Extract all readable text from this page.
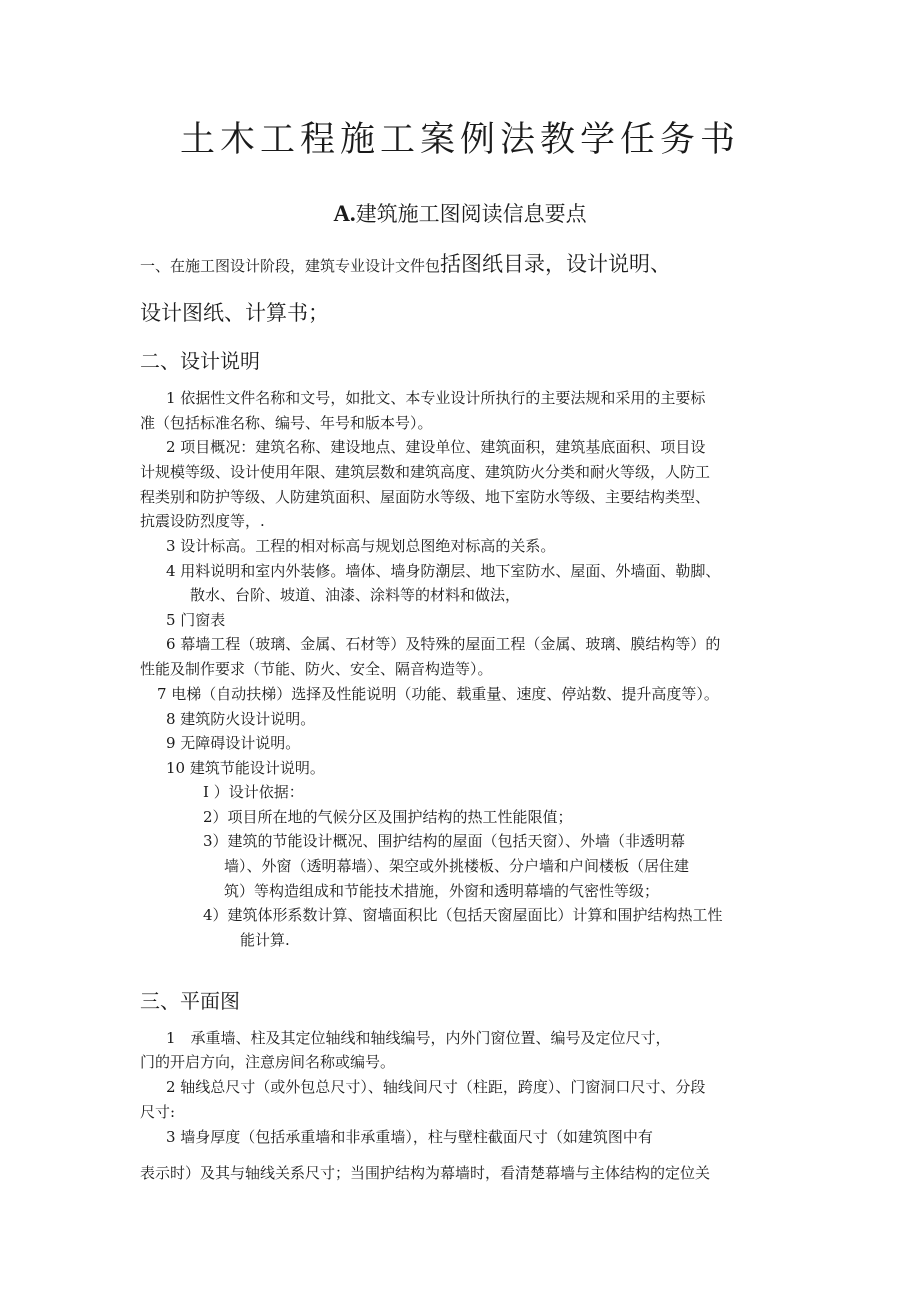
土木工程施工案例法教学任务书
A.建筑施工图阅读信息要点
一、在施工图设计阶段，建筑专业设计文件包括图纸目录，设计说明、
设计图纸、计算书；
二、设计说明
1 依据性文件名称和文号，如批文、本专业设计所执行的主要法规和采用的主要标
准（包括标准名称、编号、年号和版本号）。
2 项目概况：建筑名称、建设地点、建设单位、建筑面积，建筑基底面积、项目设
计规模等级、设计使用年限、建筑层数和建筑高度、建筑防火分类和耐火等级，人防工
程类别和防护等级、人防建筑面积、屋面防水等级、地下室防水等级、主要结构类型、
抗震设防烈度等，.
3 设计标高。工程的相对标高与规划总图绝对标高的关系。
4 用料说明和室内外装修。墙体、墙身防潮层、地下室防水、屋面、外墙面、勒脚、
散水、台阶、坡道、油漆、涂料等的材料和做法，
5 门窗表
6 幕墙工程（玻璃、金属、石材等）及特殊的屋面工程（金属、玻璃、膜结构等）的
性能及制作要求（节能、防火、安全、隔音构造等）。
7 电梯（自动扶梯）选择及性能说明（功能、载重量、速度、停站数、提升高度等）。
8 建筑防火设计说明。
9 无障碍设计说明。
10 建筑节能设计说明。
I ）设计依据：
2）项目所在地的气候分区及围护结构的热工性能限值；
3）建筑的节能设计概况、围护结构的屋面（包括天窗）、外墙（非透明幕
墙）、外窗（透明幕墙）、架空或外挑楼板、分户墙和户间楼板（居住建
筑）等构造组成和节能技术措施，外窗和透明幕墙的气密性等级；
4）建筑体形系数计算、窗墙面积比（包括天窗屋面比）计算和围护结构热工性
能计算.
三、平面图
1　承重墙、柱及其定位轴线和轴线编号，内外门窗位置、编号及定位尺寸，
门的开启方向，注意房间名称或编号。
2 轴线总尺寸（或外包总尺寸）、轴线间尺寸（柱距，跨度）、门窗洞口尺寸、分段
尺寸:
3 墙身厚度（包括承重墙和非承重墙），柱与壁柱截面尺寸（如建筑图中有
表示时）及其与轴线关系尺寸；当围护结构为幕墙时，看清楚幕墙与主体结构的定位关
